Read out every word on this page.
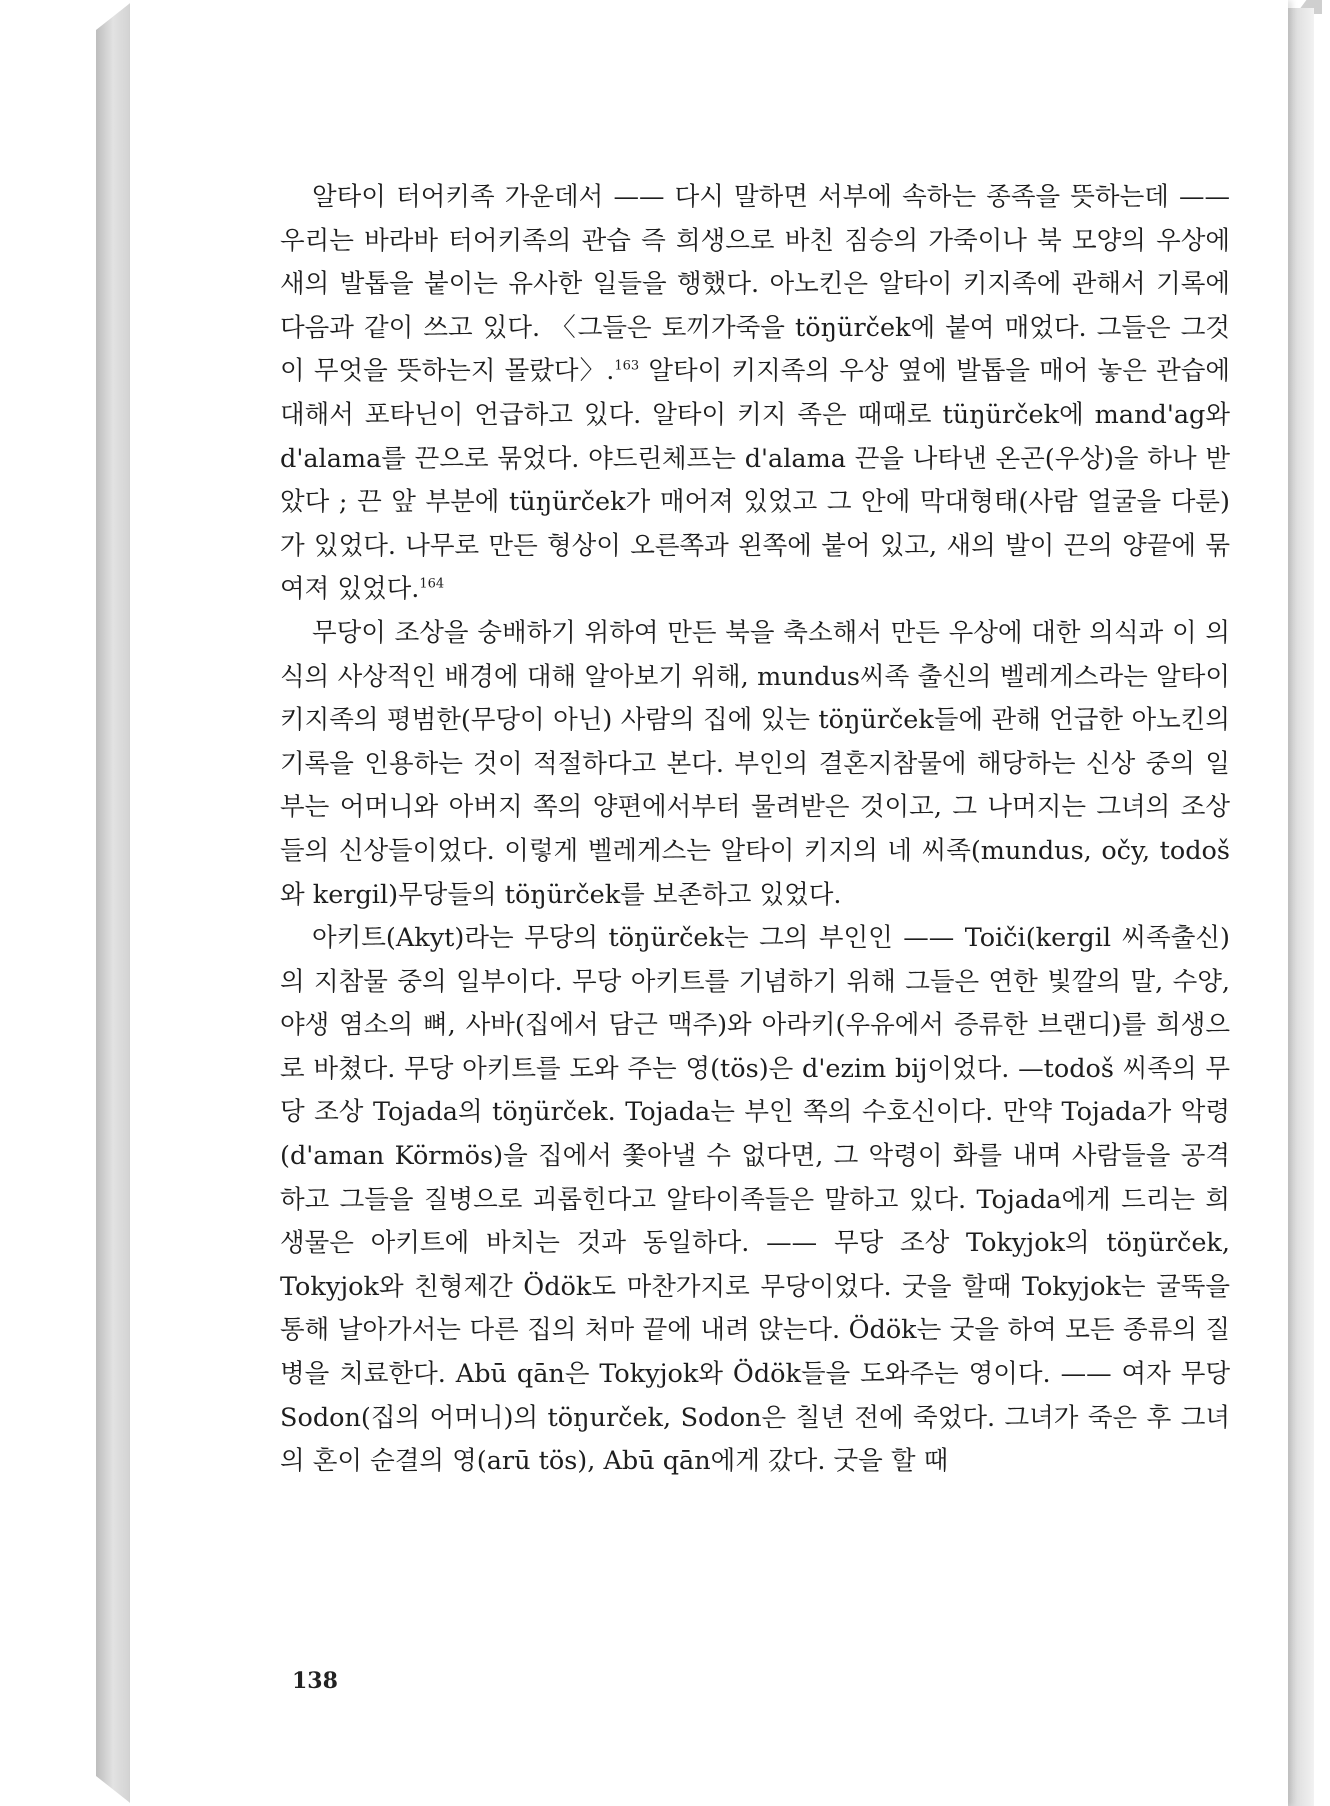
알타이 터어키족 가운데서 —— 다시 말하면 서부에 속하는 종족을 뜻하는데 —— 우리는 바라바 터어키족의 관습 즉 희생으로 바친 짐승의 가죽이나 북 모양의 우상에 새의 발톱을 붙이는 유사한 일들을 행했다. 아노킨은 알타이 키지족에 관해서 기록에 다음과 같이 쓰고 있다. 〈그들은 토끼가죽을 töŋürček에 붙여 매었다. 그들은 그것이 무엇을 뜻하는지 몰랐다〉.$^{163}$ 알타이 키지족의 우상 옆에 발톱을 매어 놓은 관습에 대해서 포타닌이 언급하고 있다. 알타이 키지 족은 때때로 tüŋürček에 mand'ag와 d'alama를 끈으로 묶었다. 야드린체프는 d'alama 끈을 나타낸 온곤(우상)을 하나 받았다 ; 끈 앞 부분에 tüŋürček가 매어져 있었고 그 안에 막대형태(사람 얼굴을 다룬)가 있었다. 나무로 만든 형상이 오른쪽과 왼쪽에 붙어 있고, 새의 발이 끈의 양끝에 묶여져 있었다.$^{164}$

무당이 조상을 숭배하기 위하여 만든 북을 축소해서 만든 우상에 대한 의식과 이 의식의 사상적인 배경에 대해 알아보기 위해, mundus씨족 출신의 벨레게스라는 알타이 키지족의 평범한(무당이 아닌) 사람의 집에 있는 töŋürček들에 관해 언급한 아노킨의 기록을 인용하는 것이 적절하다고 본다. 부인의 결혼지참물에 해당하는 신상 중의 일부는 어머니와 아버지 쪽의 양편에서부터 물려받은 것이고, 그 나머지는 그녀의 조상들의 신상들이었다. 이렇게 벨레게스는 알타이 키지의 네 씨족(mundus, očy, todoš와 kergil)무당들의 töŋürček를 보존하고 있었다.

아키트(Akyt)라는 무당의 töŋürček는 그의 부인인 —— Toiči(kergil 씨족출신)의 지참물 중의 일부이다. 무당 아키트를 기념하기 위해 그들은 연한 빛깔의 말, 수양, 야생 염소의 뼈, 사바(집에서 담근 맥주)와 아라키(우유에서 증류한 브랜디)를 희생으로 바쳤다. 무당 아키트를 도와 주는 영(tös)은 d'ezim bij이었다. —todoš 씨족의 무당 조상 Tojada의 töŋürček. Tojada는 부인 쪽의 수호신이다. 만약 Tojada가 악령(d'aman Körmös)을 집에서 쫓아낼 수 없다면, 그 악령이 화를 내며 사람들을 공격하고 그들을 질병으로 괴롭힌다고 알타이족들은 말하고 있다. Tojada에게 드리는 희생물은 아키트에 바치는 것과 동일하다. —— 무당 조상 Tokyjok의 töŋürček, Tokyjok와 친형제간 Ödök도 마찬가지로 무당이었다. 굿을 할때 Tokyjok는 굴뚝을 통해 날아가서는 다른 집의 처마 끝에 내려 앉는다. Ödök는 굿을 하여 모든 종류의 질병을 치료한다. Abū qān은 Tokyjok와 Ödök들을 도와주는 영이다. —— 여자 무당 Sodon(집의 어머니)의 töŋurček, Sodon은 칠년 전에 죽었다. 그녀가 죽은 후 그녀의 혼이 순결의 영(arū tös), Abū qān에게 갔다. 굿을 할 때

138
